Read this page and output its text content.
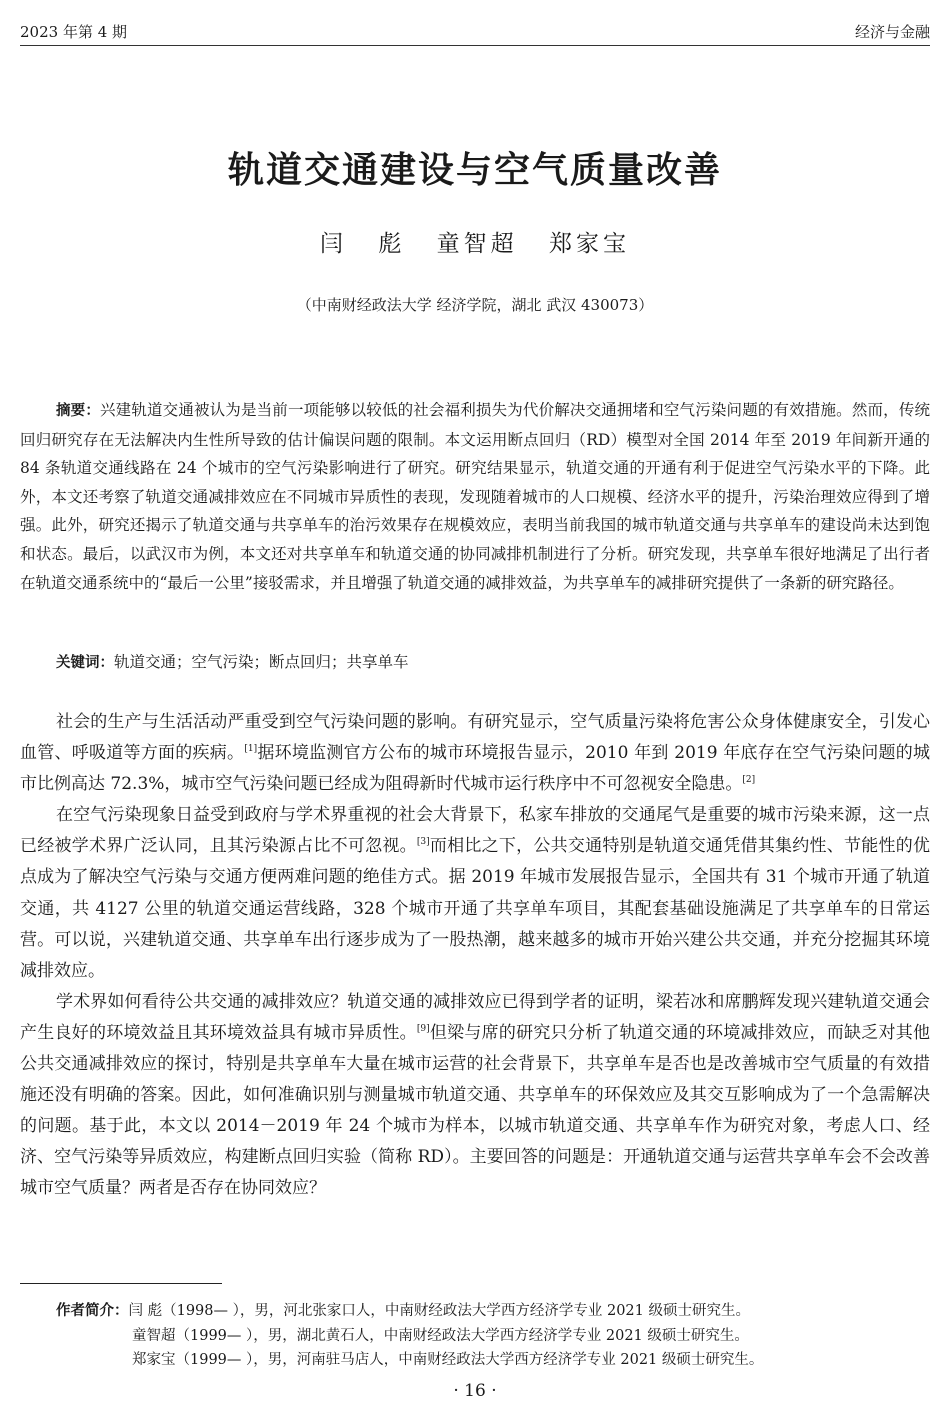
2023 年第 4 期	经济与金融
轨道交通建设与空气质量改善
闫 彪 童智超 郑家宝
（中南财经政法大学 经济学院，湖北 武汉 430073）
摘要：兴建轨道交通被认为是当前一项能够以较低的社会福利损失为代价解决交通拥堵和空气污染问题的有效措施。然而，传统回归研究存在无法解决内生性所导致的估计偏误问题的限制。本文运用断点回归（RD）模型对全国 2014 年至 2019 年间新开通的 84 条轨道交通线路在 24 个城市的空气污染影响进行了研究。研究结果显示，轨道交通的开通有利于促进空气污染水平的下降。此外，本文还考察了轨道交通减排效应在不同城市异质性的表现，发现随着城市的人口规模、经济水平的提升，污染治理效应得到了增强。此外，研究还揭示了轨道交通与共享单车的治污效果存在规模效应，表明当前我国的城市轨道交通与共享单车的建设尚未达到饱和状态。最后，以武汉市为例，本文还对共享单车和轨道交通的协同减排机制进行了分析。研究发现，共享单车很好地满足了出行者在轨道交通系统中的“最后一公里”接驳需求，并且增强了轨道交通的减排效益，为共享单车的减排研究提供了一条新的研究路径。
关键词：轨道交通；空气污染；断点回归；共享单车

社会的生产与生活活动严重受到空气污染问题的影响。有研究显示，空气质量污染将危害公众身体健康安全，引发心血管、呼吸道等方面的疾病。[1]据环境监测官方公布的城市环境报告显示，2010 年到 2019 年底存在空气污染问题的城市比例高达 72.3%，城市空气污染问题已经成为阻碍新时代城市运行秩序中不可忽视安全隐患。[2]

在空气污染现象日益受到政府与学术界重视的社会大背景下，私家车排放的交通尾气是重要的城市污染来源，这一点已经被学术界广泛认同，且其污染源占比不可忽视。[3]而相比之下，公共交通特别是轨道交通凭借其集约性、节能性的优点成为了解决空气污染与交通方便两难问题的绝佳方式。据 2019 年城市发展报告显示，全国共有 31 个城市开通了轨道交通，共 4127 公里的轨道交通运营线路，328 个城市开通了共享单车项目，其配套基础设施满足了共享单车的日常运营。可以说，兴建轨道交通、共享单车出行逐步成为了一股热潮，越来越多的城市开始兴建公共交通，并充分挖掘其环境减排效应。

学术界如何看待公共交通的减排效应？轨道交通的减排效应已得到学者的证明，梁若冰和席鹏辉发现兴建轨道交通会产生良好的环境效益且其环境效益具有城市异质性。[9]但梁与席的研究只分析了轨道交通的环境减排效应，而缺乏对其他公共交通减排效应的探讨，特别是共享单车大量在城市运营的社会背景下，共享单车是否也是改善城市空气质量的有效措施还没有明确的答案。因此，如何准确识别与测量城市轨道交通、共享单车的环保效应及其交互影响成为了一个急需解决的问题。基于此，本文以 2014－2019 年 24 个城市为样本，以城市轨道交通、共享单车作为研究对象，考虑人口、经济、空气污染等异质效应，构建断点回归实验（简称 RD）。主要回答的问题是：开通轨道交通与运营共享单车会不会改善城市空气质量？两者是否存在协同效应？

作者简介：闫 彪（1998— ），男，河北张家口人，中南财经政法大学西方经济学专业 2021 级硕士研究生。
童智超（1999— ），男，湖北黄石人，中南财经政法大学西方经济学专业 2021 级硕士研究生。
郑家宝（1999— ），男，河南驻马店人，中南财经政法大学西方经济学专业 2021 级硕士研究生。
· 16 ·
